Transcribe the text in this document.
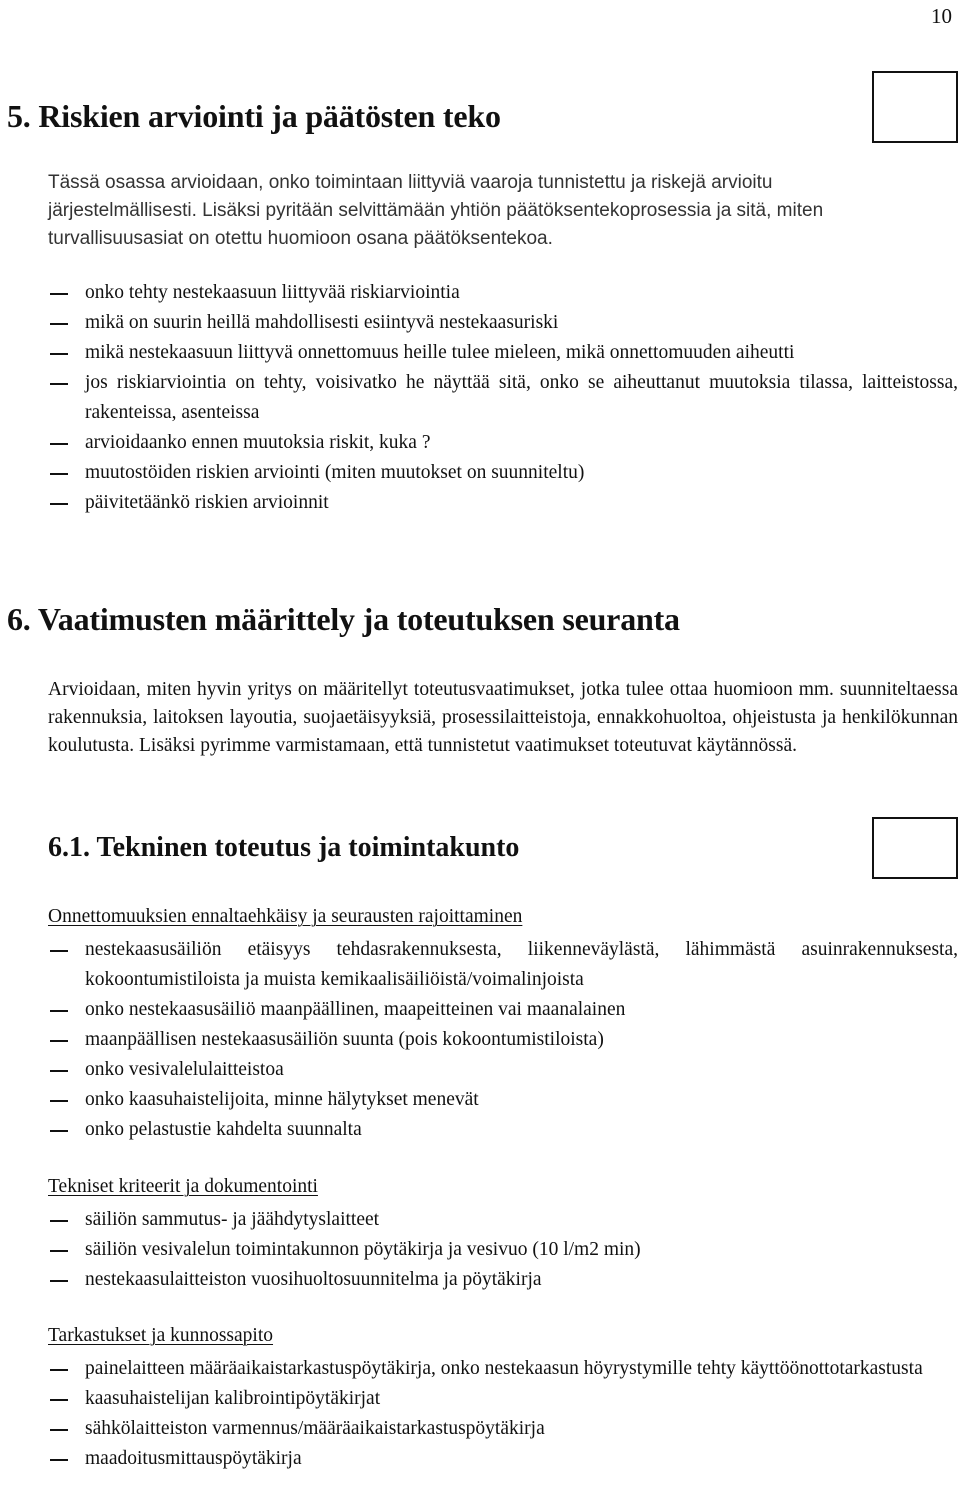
10
5. Riskien arviointi ja päätösten teko
Tässä osassa arvioidaan, onko toimintaan liittyviä vaaroja tunnistettu ja riskejä arvioitu
järjestelmällisesti. Lisäksi pyritään selvittämään yhtiön päätöksentekoprosessia ja sitä, miten
turvallisuusasiat on otettu huomioon osana päätöksentekoa.
onko tehty nestekaasuun liittyvää riskiarviointia
mikä on suurin heillä mahdollisesti esiintyvä nestekaasuriski
mikä nestekaasuun liittyvä onnettomuus heille tulee mieleen, mikä onnettomuuden aiheutti
jos riskiarviointia on tehty, voisivatko he näyttää sitä, onko se aiheuttanut muutoksia tilassa, laitteistossa, rakenteissa, asenteissa
arvioidaanko ennen muutoksia riskit, kuka ?
muutostöiden riskien arviointi (miten muutokset on suunniteltu)
päivitetäänkö riskien arvioinnit
6. Vaatimusten määrittely ja toteutuksen seuranta
Arvioidaan, miten hyvin yritys on määritellyt toteutusvaatimukset, jotka tulee ottaa huomioon mm. suunniteltaessa rakennuksia, laitoksen layoutia, suojaetäisyyksiä, prosessilaitteistoja, ennakkohuoltoa, ohjeistusta ja henkilökunnan koulutusta. Lisäksi pyrimme varmistamaan, että tunnistetut vaatimukset toteutuvat käytännössä.
6.1. Tekninen toteutus ja toimintakunto
Onnettomuuksien ennaltaehkäisy ja seurausten rajoittaminen
nestekaasusäiliön etäisyys tehdasrakennuksesta, liikenneväylästä, lähimmästä asuinrakennuksesta, kokoontumistiloista ja muista kemikaalisäiliöistä/voimalinjoista
onko nestekaasusäiliö maanpäällinen, maapeitteinen vai maanalainen
maanpäällisen nestekaasusäiliön suunta (pois kokoontumistiloista)
onko vesivalelulaitteistoa
onko kaasuhaistelijoita, minne hälytykset menevät
onko pelastustie kahdelta suunnalta
Tekniset kriteerit ja dokumentointi
säiliön sammutus- ja jäähdytyslaitteet
säiliön vesivalelun toimintakunnon pöytäkirja ja vesivuo (10 l/m2 min)
nestekaasulaitteiston vuosihuoltosuunnitelma ja pöytäkirja
Tarkastukset ja kunnossapito
painelaitteen määräaikaistarkastuspöytäkirja, onko nestekaasun höyrystymille tehty käyttöönottotarkastusta
kaasuhaistelijan kalibrointipöytäkirjat
sähkölaitteiston varmennus/määräaikaistarkastuspöytäkirja
maadoitusmittauspöytäkirja
